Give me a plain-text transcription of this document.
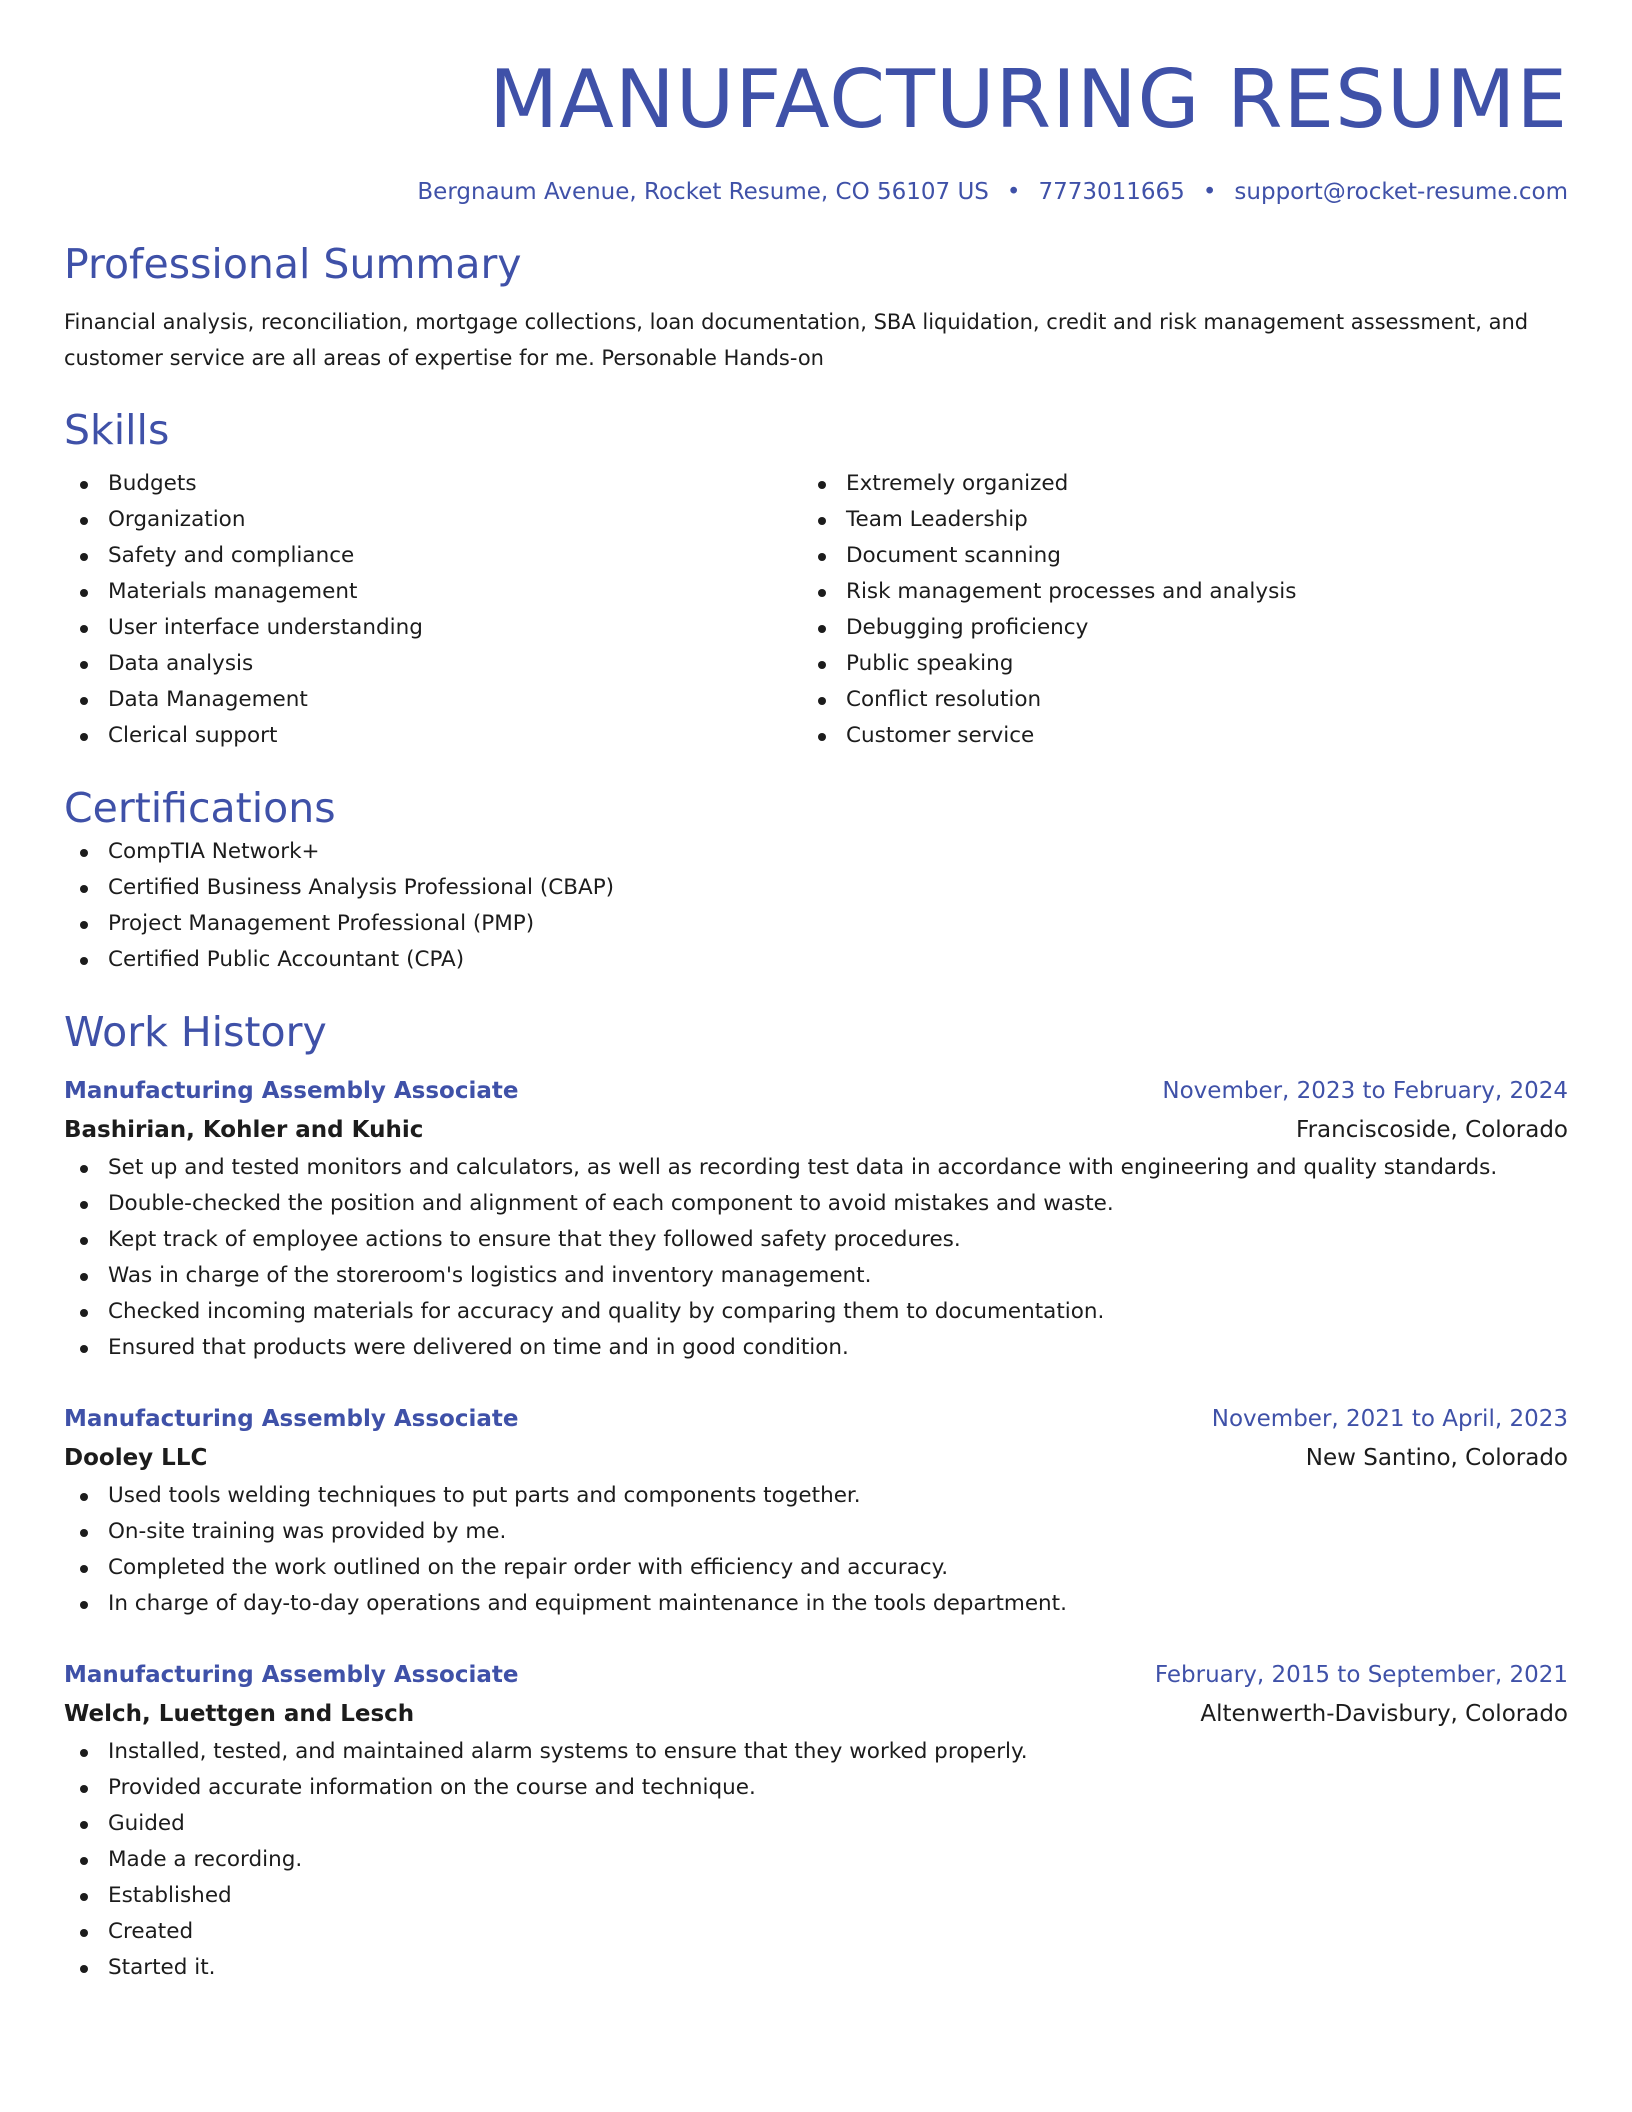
MANUFACTURING RESUME
Bergnaum Avenue, Rocket Resume, CO 56107 US • 7773011665 • support@rocket-resume.com
Professional Summary
Financial analysis, reconciliation, mortgage collections, loan documentation, SBA liquidation, credit and risk management assessment, and customer service are all areas of expertise for me. Personable Hands-on
Skills
Budgets
Organization
Safety and compliance
Materials management
User interface understanding
Data analysis
Data Management
Clerical support
Extremely organized
Team Leadership
Document scanning
Risk management processes and analysis
Debugging proficiency
Public speaking
Conflict resolution
Customer service
Certifications
CompTIA Network+
Certified Business Analysis Professional (CBAP)
Project Management Professional (PMP)
Certified Public Accountant (CPA)
Work History
Manufacturing Assembly Associate	November, 2023 to February, 2024
Bashirian, Kohler and Kuhic	Franciscoside, Colorado
Set up and tested monitors and calculators, as well as recording test data in accordance with engineering and quality standards.
Double-checked the position and alignment of each component to avoid mistakes and waste.
Kept track of employee actions to ensure that they followed safety procedures.
Was in charge of the storeroom's logistics and inventory management.
Checked incoming materials for accuracy and quality by comparing them to documentation.
Ensured that products were delivered on time and in good condition.
Manufacturing Assembly Associate	November, 2021 to April, 2023
Dooley LLC	New Santino, Colorado
Used tools welding techniques to put parts and components together.
On-site training was provided by me.
Completed the work outlined on the repair order with efficiency and accuracy.
In charge of day-to-day operations and equipment maintenance in the tools department.
Manufacturing Assembly Associate	February, 2015 to September, 2021
Welch, Luettgen and Lesch	Altenwerth-Davisbury, Colorado
Installed, tested, and maintained alarm systems to ensure that they worked properly.
Provided accurate information on the course and technique.
Guided
Made a recording.
Established
Created
Started it.
